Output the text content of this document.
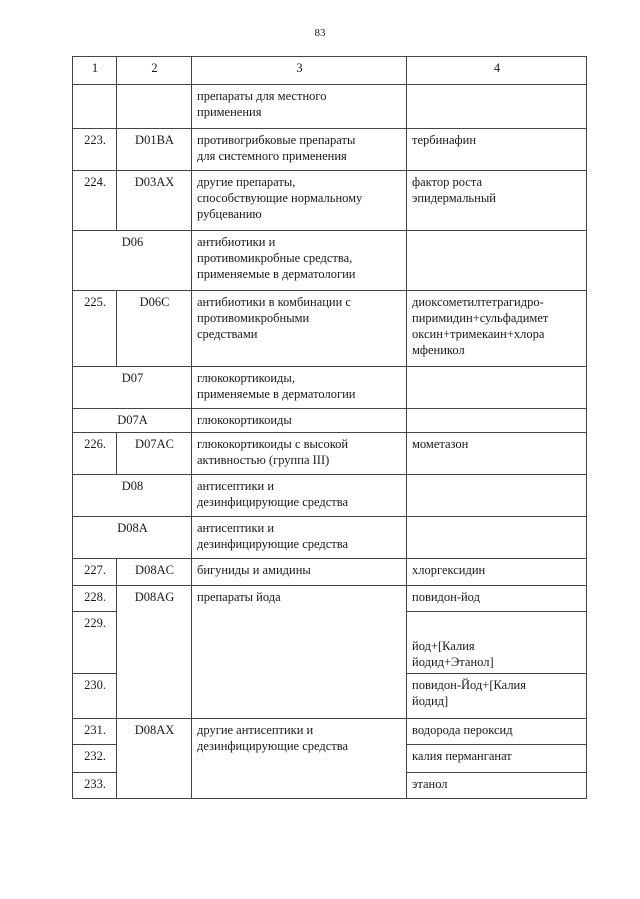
83
1	2	3	4
		препараты для местного
применения	
223.	D01BA	противогрибковые препараты
для системного применения	тербинафин
224.	D03AX	другие препараты,
способствующие нормальному
рубцеванию	фактор роста
эпидермальный
D06		антибиотики и
противомикробные средства,
применяемые в дерматологии	
225.	D06C	антибиотики в комбинации с
противомикробными
средствами	диоксометилтетрагидро-
пиримидин+сульфадимет
оксин+тримекаин+хлора
мфеникол
D07		глюкокортикоиды,
применяемые в дерматологии	
D07A		глюкокортикоиды	
226.	D07AC	глюкокортикоиды с высокой
активностью (группа III)	мометазон
D08		антисептики и
дезинфицирующие средства	
D08A		антисептики и
дезинфицирующие средства	
227.	D08AC	бигуниды и амидины	хлоргексидин
228.	D08AG	препараты йода	повидон-йод
229.			йод+[Калия
йодид+Этанол]
230.			повидон-Йод+[Калия
йодид]
231.	D08AX	другие антисептики и
дезинфицирующие средства	водорода пероксид
232.			калия перманганат
233.			этанол
